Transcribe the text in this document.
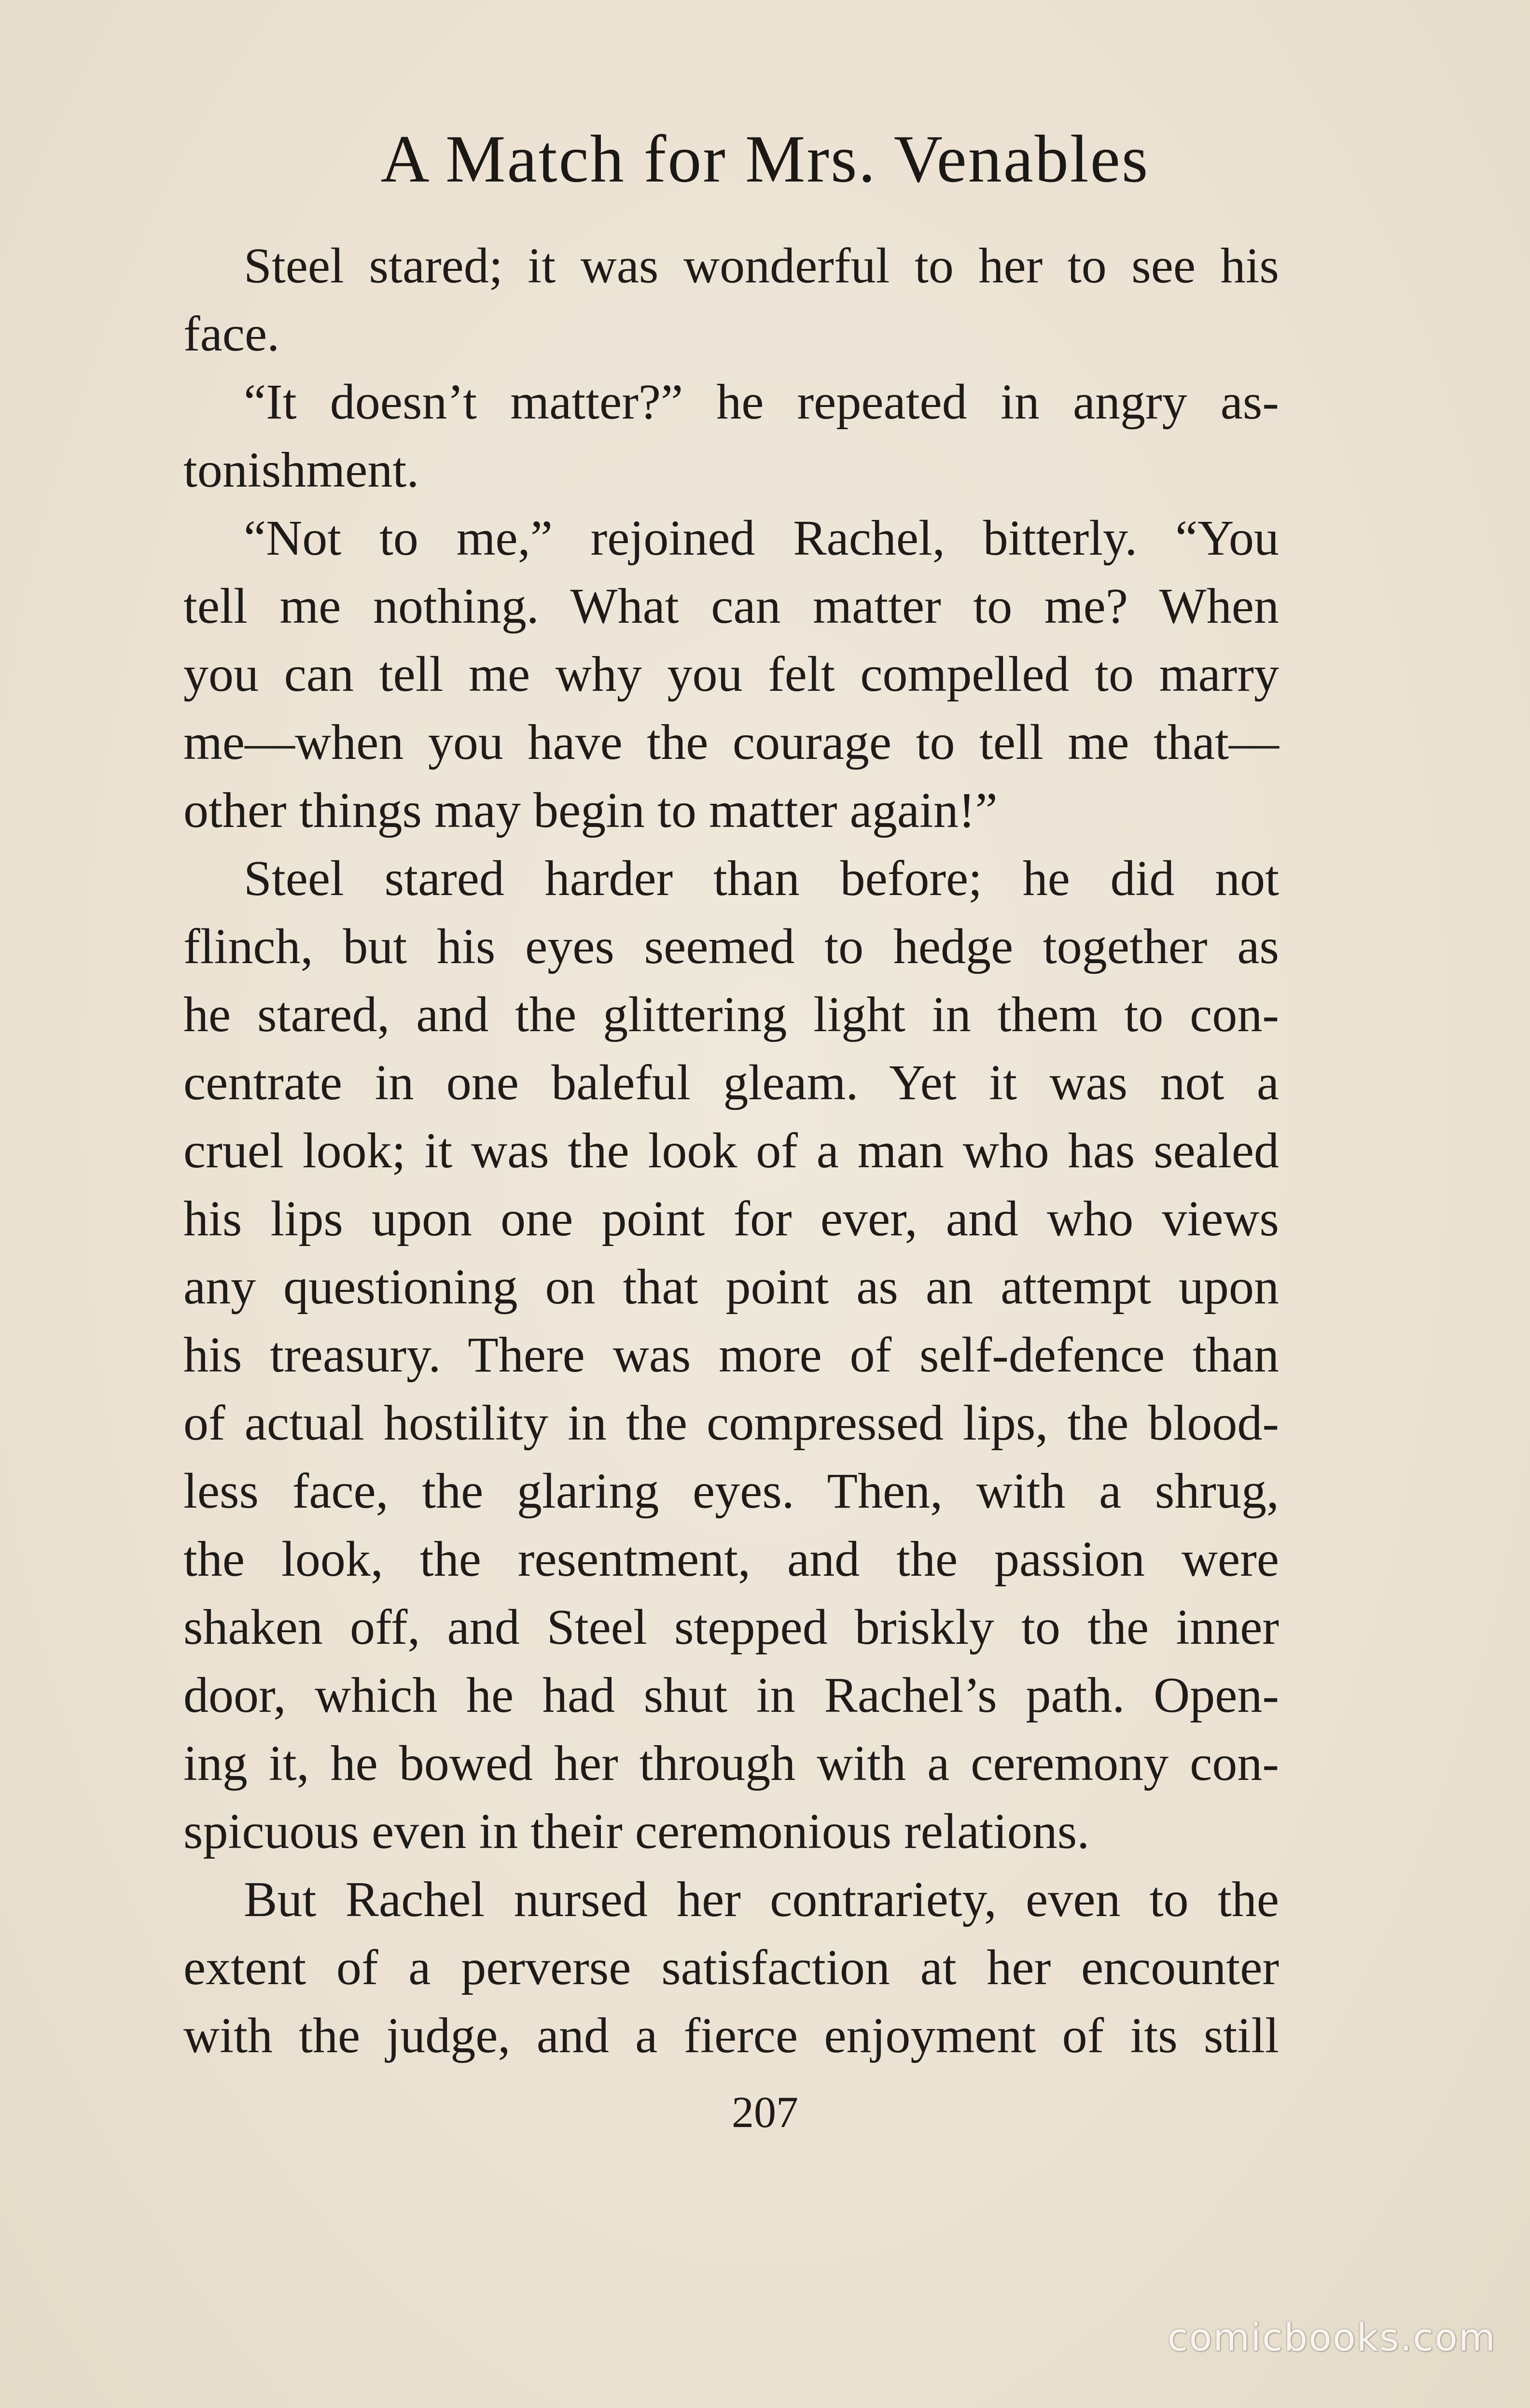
A Match for Mrs. Venables
Steel stared; it was wonderful to her to see his
face.
“It doesn’t matter?” he repeated in angry as-
tonishment.
“Not to me,” rejoined Rachel, bitterly. “You
tell me nothing. What can matter to me? When
you can tell me why you felt compelled to marry
me—when you have the courage to tell me that—
other things may begin to matter again!”
Steel stared harder than before; he did not
flinch, but his eyes seemed to hedge together as
he stared, and the glittering light in them to con-
centrate in one baleful gleam. Yet it was not a
cruel look; it was the look of a man who has sealed
his lips upon one point for ever, and who views
any questioning on that point as an attempt upon
his treasury. There was more of self-defence than
of actual hostility in the compressed lips, the blood-
less face, the glaring eyes. Then, with a shrug,
the look, the resentment, and the passion were
shaken off, and Steel stepped briskly to the inner
door, which he had shut in Rachel’s path. Open-
ing it, he bowed her through with a ceremony con-
spicuous even in their ceremonious relations.
But Rachel nursed her contrariety, even to the
extent of a perverse satisfaction at her encounter
with the judge, and a fierce enjoyment of its still
207
comicbooks.com
